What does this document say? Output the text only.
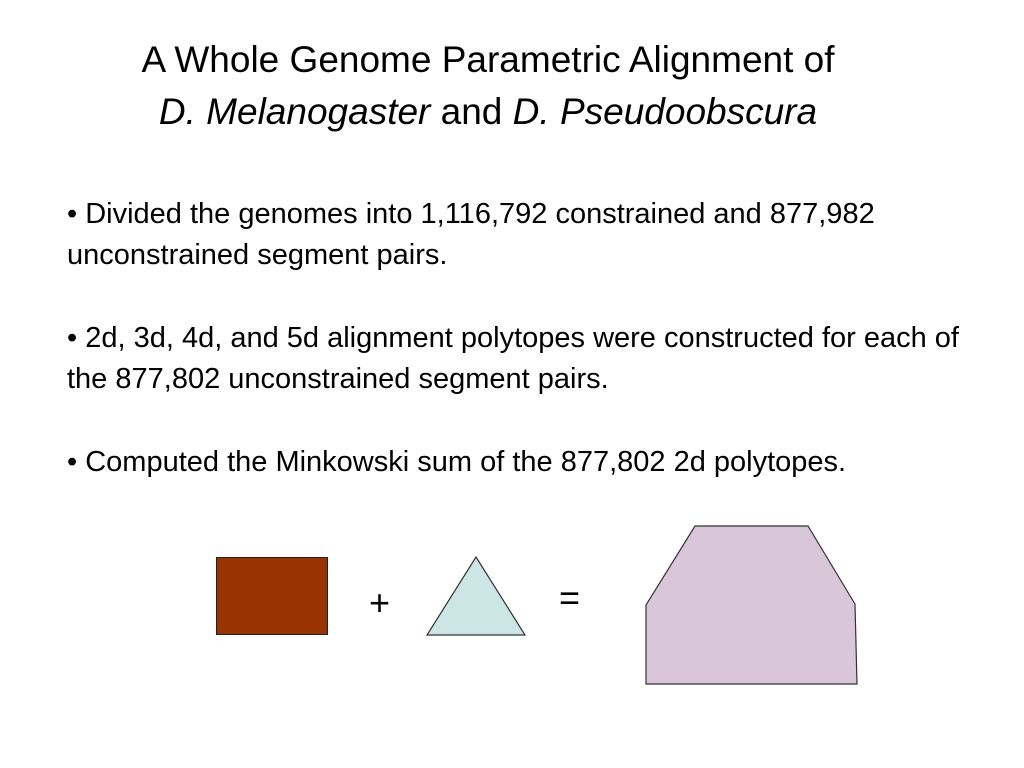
A Whole Genome Parametric Alignment of
D. Melanogaster and D. Pseudoobscura
• Divided the genomes into 1,116,792 constrained and 877,982 unconstrained segment pairs.
• 2d, 3d, 4d, and 5d alignment polytopes were constructed for each of the 877,802 unconstrained segment pairs.
• Computed the Minkowski sum of the 877,802 2d polytopes.
+	=
